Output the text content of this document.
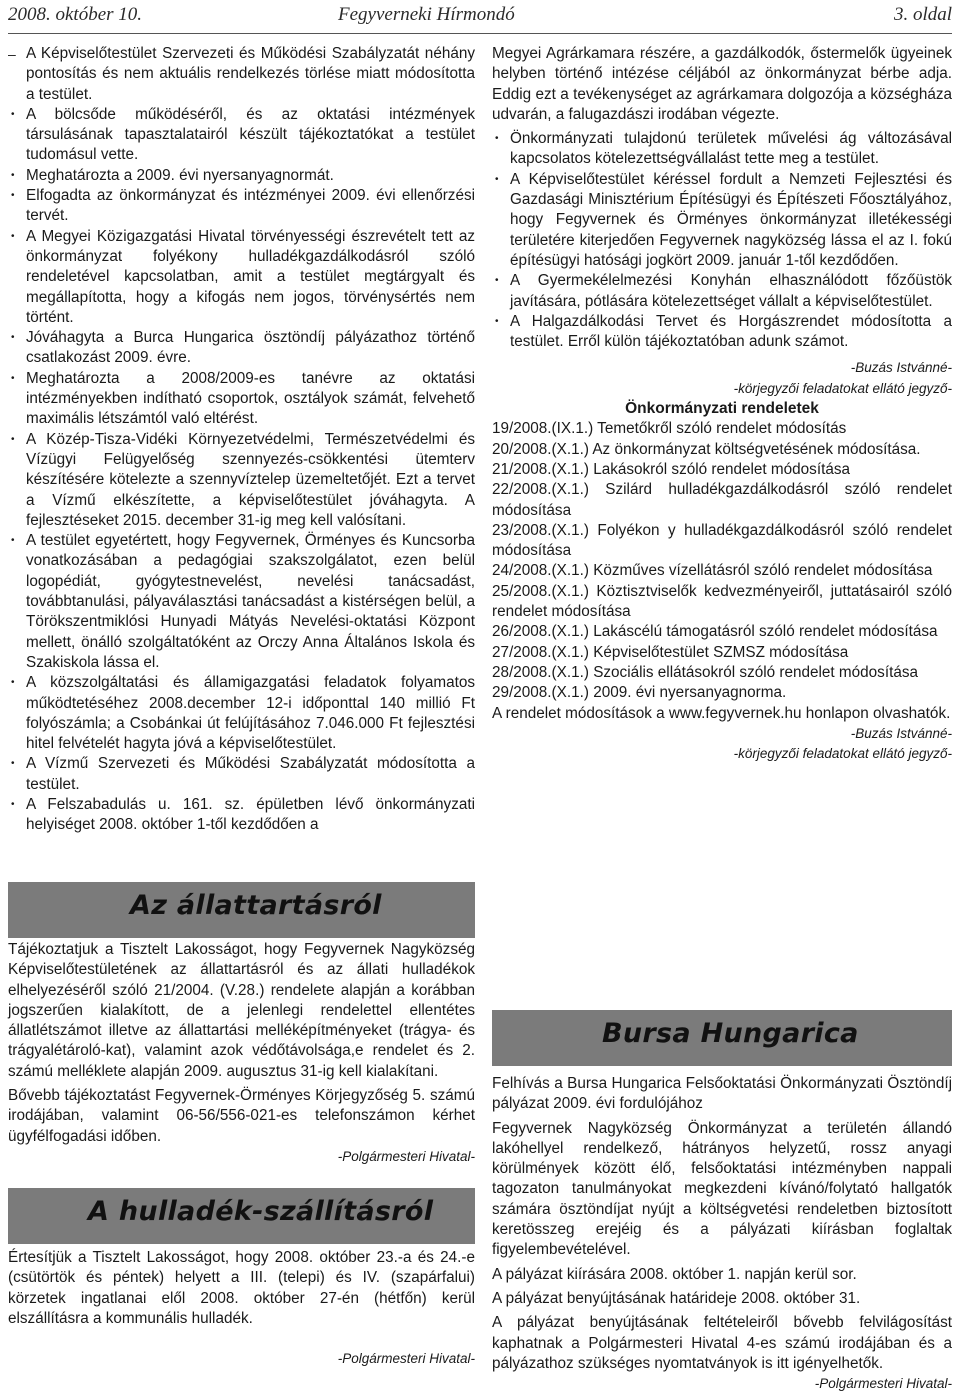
2008. október 10.	Fegyverneki Hírmondó	3. oldal

– A Képviselőtestület Szervezeti és Működési Szabályzatát néhány pontosítás és nem aktuális rendelkezés törlése miatt módosította a testület.

• A bölcsőde működéséről, és az oktatási intézmények társulásának tapasztalatairól készült tájékoztatókat a testület tudomásul vette.

• Meghatározta a 2009. évi nyersanyagnormát.

• Elfogadta az önkormányzat és intézményei 2009. évi ellenőrzési tervét.

• A Megyei Közigazgatási Hivatal törvényességi észrevételt tett az önkormányzat folyékony hulladékgazdálkodásról szóló rendeletével kapcsolatban, amit a testület megtárgyalt és megállapította, hogy a kifogás nem jogos, törvénysértés nem történt.

• Jóváhagyta a Burca Hungarica ösztöndíj pályázathoz történő csatlakozást 2009. évre.

• Meghatározta a 2008/2009-es tanévre az oktatási intézményekben indítható csoportok, osztályok számát, felvehető maximális létszámtól való eltérést.

• A Közép-Tisza-Vidéki Környezetvédelmi, Természetvédelmi és Vízügyi Felügyelőség szennyezés-csökkentési ütemterv készítésére kötelezte a szennyvíztelep üzemeltetőjét. Ezt a tervet a Vízmű elkészítette, a képviselőtestület jóváhagyta. A fejlesztéseket 2015. december 31-ig meg kell valósítani.

• A testület egyetértett, hogy Fegyvernek, Örményes és Kuncsorba vonatkozásában a pedagógiai szakszolgálatot, ezen belül logopédiát, gyógytestnevelést, nevelési tanácsadást, továbbtanulási, pályaválasztási tanácsadást a kistérségen belül, a Törökszentmiklósi Hunyadi Mátyás Nevelési-oktatási Központ mellett, önálló szolgáltatóként az Orczy Anna Általános Iskola és Szakiskola lássa el.

• A közszolgáltatási és államigazgatási feladatok folyamatos működtetéséhez 2008.december 12-i időponttal 140 millió Ft folyószámla; a Csobánkai út felújításához 7.046.000 Ft fejlesztési hitel felvételét hagyta jóvá a képviselőtestület.

• A Vízmű Szervezeti és Működési Szabályzatát módosította a testület.

• A Felszabadulás u. 161. sz. épületben lévő önkormányzati helyiséget 2008. október 1-től kezdődően a

Az állattartásról

Tájékoztatjuk a Tisztelt Lakosságot, hogy Fegyvernek Nagyközség Képviselőtestületének az állattartásról és az állati hulladékok elhelyezéséről szóló 21/2004. (V.28.) rendelete alapján a korábban jogszerűen kialakított, de a jelenlegi rendelettel ellentétes állatlétszámot illetve az állattartási melléképítményeket (trágya- és trágyalétároló-kat), valamint azok védőtávolsága,e rendelet és 2. számú melléklete alapján 2009. augusztus 31-ig kell kialakítani.

Bővebb tájékoztatást Fegyvernek-Örményes Körjegyzőség 5. számú irodájában, valamint 06-56/556-021-es telefonszámon kérhet ügyfélfogadási időben.

-Polgármesteri Hivatal-

A hulladék-szállításról

Értesítjük a Tisztelt Lakosságot, hogy 2008. október 23.-a és 24.-e (csütörtök és péntek) helyett a III. (telepi) és IV. (szapárfalui) körzetek ingatlanai elől 2008. október 27-én (hétfőn) kerül elszállításra a kommunális hulladék.

-Polgármesteri Hivatal-

Megyei Agrárkamara részére, a gazdálkodók, őstermelők ügyeinek helyben történő intézése céljából az önkormányzat bérbe adja. Eddig ezt a tevékenységet az agrárkamara dolgozója a községháza udvarán, a falugazdászi irodában végezte.

• Önkormányzati tulajdonú területek művelési ág változásával kapcsolatos kötelezettségvállalást tette meg a testület.

• A Képviselőtestület kéréssel fordult a Nemzeti Fejlesztési és Gazdasági Minisztérium Építésügyi és Építészeti Főosztályához, hogy Fegyvernek és Örményes önkormányzat illetékességi területére kiterjedően Fegyvernek nagyközség lássa el az I. fokú építésügyi hatósági jogkört 2009. január 1-től kezdődően.

• A Gyermekélelmezési Konyhán elhasználódott főzőüstök javítására, pótlására kötelezettséget vállalt a képviselőtestület.

• A Halgazdálkodási Tervet és Horgászrendet módosította a testület. Erről külön tájékoztatóban adunk számot.

-Buzás Istvánné-

-körjegyzői feladatokat ellátó jegyző-

Önkormányzati rendeletek

19/2008.(IX.1.) Temetőkről szóló rendelet módosítás

20/2008.(X.1.) Az önkormányzat költségvetésének módosítása.

21/2008.(X.1.) Lakásokról szóló rendelet módosítása

22/2008.(X.1.) Szilárd hulladékgazdálkodásról szóló rendelet módosítása

23/2008.(X.1.) Folyékon y hulladékgazdálkodásról szóló rendelet módosítása

24/2008.(X.1.) Közműves vízellátásról szóló rendelet módosítása

25/2008.(X.1.) Köztisztviselők kedvezményeiről, juttatásairól szóló rendelet módosítása

26/2008.(X.1.) Lakáscélú támogatásról szóló rendelet módosítása

27/2008.(X.1.) Képviselőtestület SZMSZ módosítása

28/2008.(X.1.) Szociális ellátásokról szóló rendelet módosítása

29/2008.(X.1.) 2009. évi nyersanyagnorma.

A rendelet módosítások a www.fegyvernek.hu honlapon olvashatók.

-Buzás Istvánné-

-körjegyzői feladatokat ellátó jegyző-

Bursa Hungarica

Felhívás a Bursa Hungarica Felsőoktatási Önkormányzati Ösztöndíj pályázat 2009. évi fordulójához

Fegyvernek Nagyközség Önkormányzat a területén állandó lakóhellyel rendelkező, hátrányos helyzetű, rossz anyagi körülmények között élő, felsőoktatási intézményben nappali tagozaton tanulmányokat megkezdeni kívánó/folytató hallgatók számára ösztöndíjat nyújt a költségvetési rendeletben biztosított keretösszeg erejéig és a pályázati kiírásban foglaltak figyelembevételével.

A pályázat kiírására 2008. október 1. napján kerül sor.

A pályázat benyújtásának határideje 2008. október 31.

A pályázat benyújtásának feltételeiről bővebb felvilágosítást kaphatnak a Polgármesteri Hivatal 4-es számú irodájában és a pályázathoz szükséges nyomtatványok is itt igényelhetők.

-Polgármesteri Hivatal-
